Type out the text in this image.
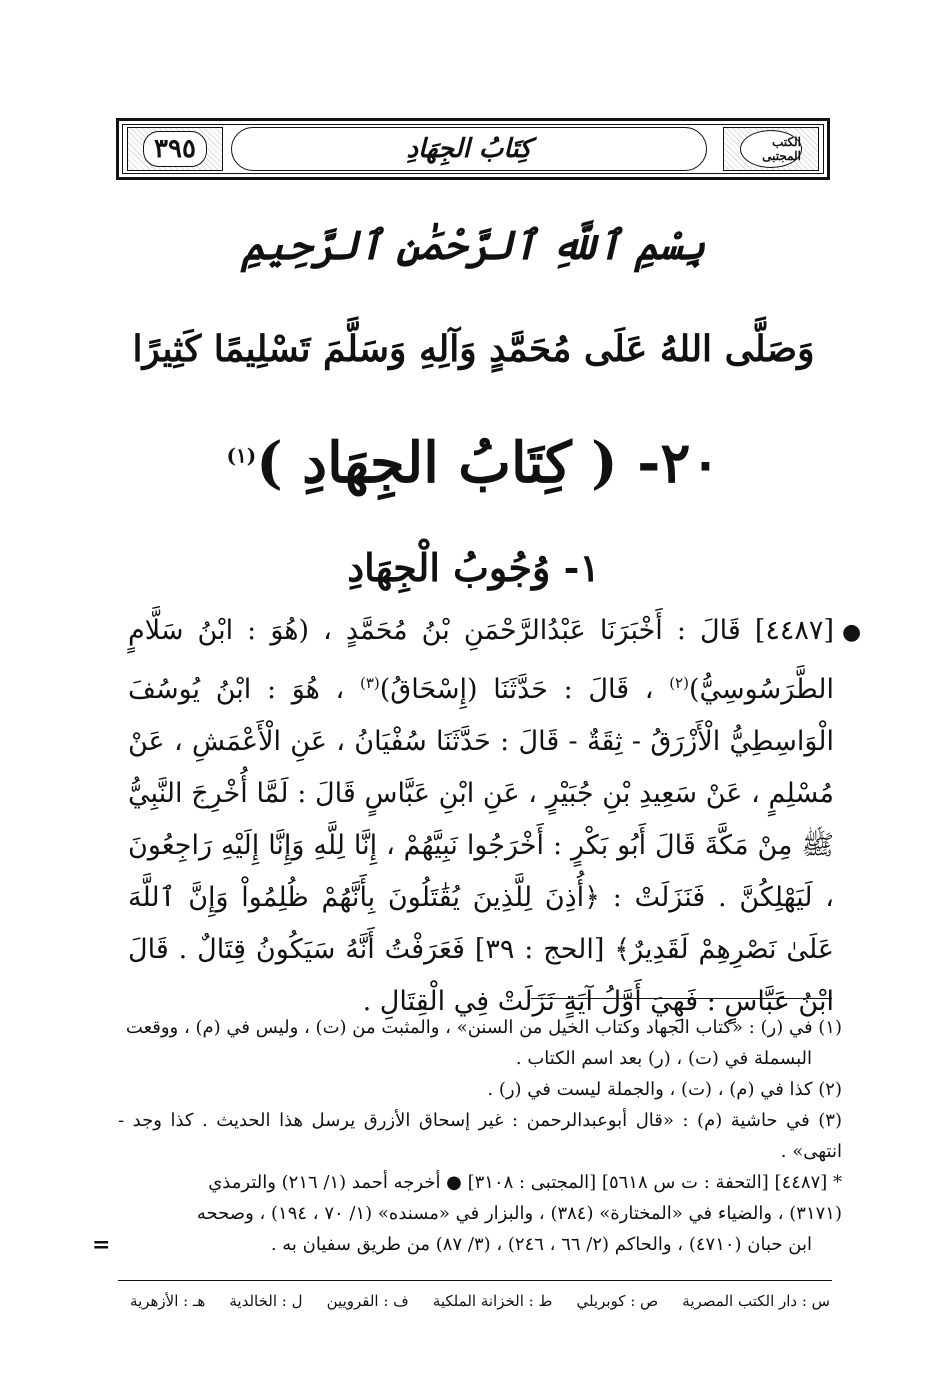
٣٩٥	كِتَابُ الجِهَادِ	الكتب المجتبى
بِسْمِ ٱللَّهِ ٱلرَّحْمَٰنِ ٱلرَّحِيمِ
وَصَلَّى اللهُ عَلَى مُحَمَّدٍ وَآلِهِ وَسَلَّمَ تَسْلِيمًا كَثِيرًا
٢٠- ( كِتَابُ الجِهَادِ )$^{(١)}$
١- وُجُوبُ الْجِهَادِ
●
[٤٤٨٧] قَالَ : أَخْبَرَنَا عَبْدُالرَّحْمَنِ بْنُ مُحَمَّدٍ ، (هُوَ : ابْنُ سَلَّامٍ الطَّرَسُوسِيُّ)$^{(٢)}$ ، قَالَ : حَدَّثَنَا (إِسْحَاقُ)$^{(٣)}$ ، هُوَ : ابْنُ يُوسُفَ الْوَاسِطِيُّ الْأَزْرَقُ - ثِقَةٌ - قَالَ : حَدَّثَنَا سُفْيَانُ ، عَنِ الْأَعْمَشِ ، عَنْ مُسْلِمٍ ، عَنْ سَعِيدِ بْنِ جُبَيْرٍ ، عَنِ ابْنِ عَبَّاسٍ قَالَ : لَمَّا أُخْرِجَ النَّبِيُّ ﷺ مِنْ مَكَّةَ قَالَ أَبُو بَكْرٍ : أَخْرَجُوا نَبِيَّهُمْ ، إِنَّا لِلَّهِ وَإِنَّا إِلَيْهِ رَاجِعُونَ ، لَيَهْلِكُنَّ . فَنَزَلَتْ : ﴿أُذِنَ لِلَّذِينَ يُقَٰتَلُونَ بِأَنَّهُمْ ظُلِمُواْ وَإِنَّ ٱللَّهَ عَلَىٰ نَصْرِهِمْ لَقَدِيرٌ﴾ [الحج : ٣٩] فَعَرَفْتُ أَنَّهُ سَيَكُونُ قِتَالٌ . قَالَ ابْنُ عَبَّاسٍ : فَهِيَ أَوَّلُ آيَةٍ نَزَلَتْ فِي الْقِتَالِ .

(١) في (ر) : «كتاب الجهاد وكتاب الخيل من السنن» ، والمثبت من (ت) ، وليس في (م) ، ووقعت

البسملة في (ت) ، (ر) بعد اسم الكتاب .

(٢) كذا في (م) ، (ت) ، والجملة ليست في (ر) .

(٣) في حاشية (م) : «قال أبوعبدالرحمن : غير إسحاق الأزرق يرسل هذا الحديث . كذا وجد - انتهى» .

* [٤٤٨٧] [التحفة : ت س ٥٦١٨] [المجتبى : ٣١٠٨] ● أخرجه أحمد (١/ ٢١٦) والترمذي

(٣١٧١) ، والضياء في «المختارة» (٣٨٤) ، والبزار في «مسنده» (١/ ٧٠ ، ١٩٤) ، وصححه

ابن حبان (٤٧١٠) ، والحاكم (٢/ ٦٦ ، ٢٤٦) ، (٣/ ٨٧) من طريق سفيان به .

=
س : دار الكتب المصرية
ص : كوبريلي
ط : الخزانة الملكية
ف : القرويين
ل : الخالدية
هـ : الأزهرية
